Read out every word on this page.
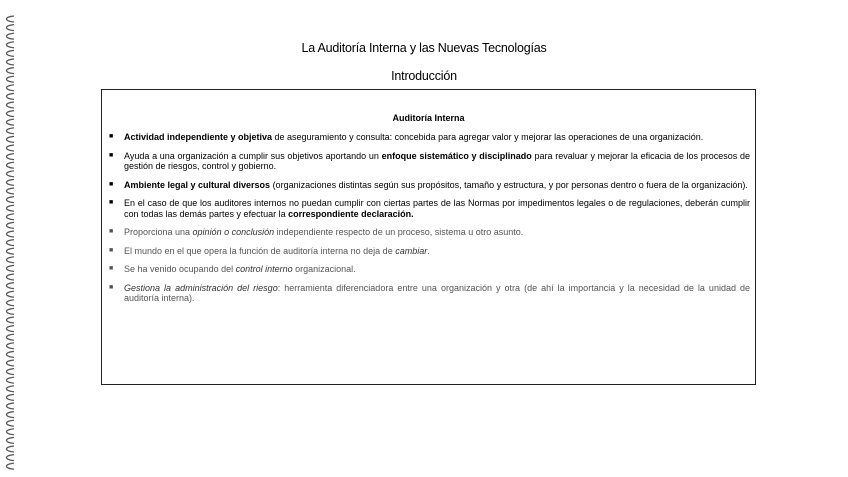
La Auditoría Interna y las Nuevas Tecnologías
Introducción
Auditoría Interna
■ Actividad independiente y objetiva de aseguramiento y consulta: concebida para agregar valor y mejorar las operaciones de una organización.
■ Ayuda a una organización a cumplir sus objetivos aportando un enfoque sistemático y disciplinado para revaluar y mejorar la eficacia de los procesos de gestión de riesgos, control y gobierno.
■ Ambiente legal y cultural diversos (organizaciones distintas según sus propósitos, tamaño y estructura, y por personas dentro o fuera de la organización).
■ En el caso de que los auditores internos no puedan cumplir con ciertas partes de las Normas por impedimentos legales o de regulaciones, deberán cumplir con todas las demás partes y efectuar la correspondiente declaración.
■ Proporciona una opinión o conclusión independiente respecto de un proceso, sistema u otro asunto.
■ El mundo en el que opera la función de auditoría interna no deja de cambiar.
■ Se ha venido ocupando del control interno organizacional.
■ Gestiona la administración del riesgo: herramienta diferenciadora entre una organización y otra (de ahí la importancia y la necesidad de la unidad de auditoría interna).
